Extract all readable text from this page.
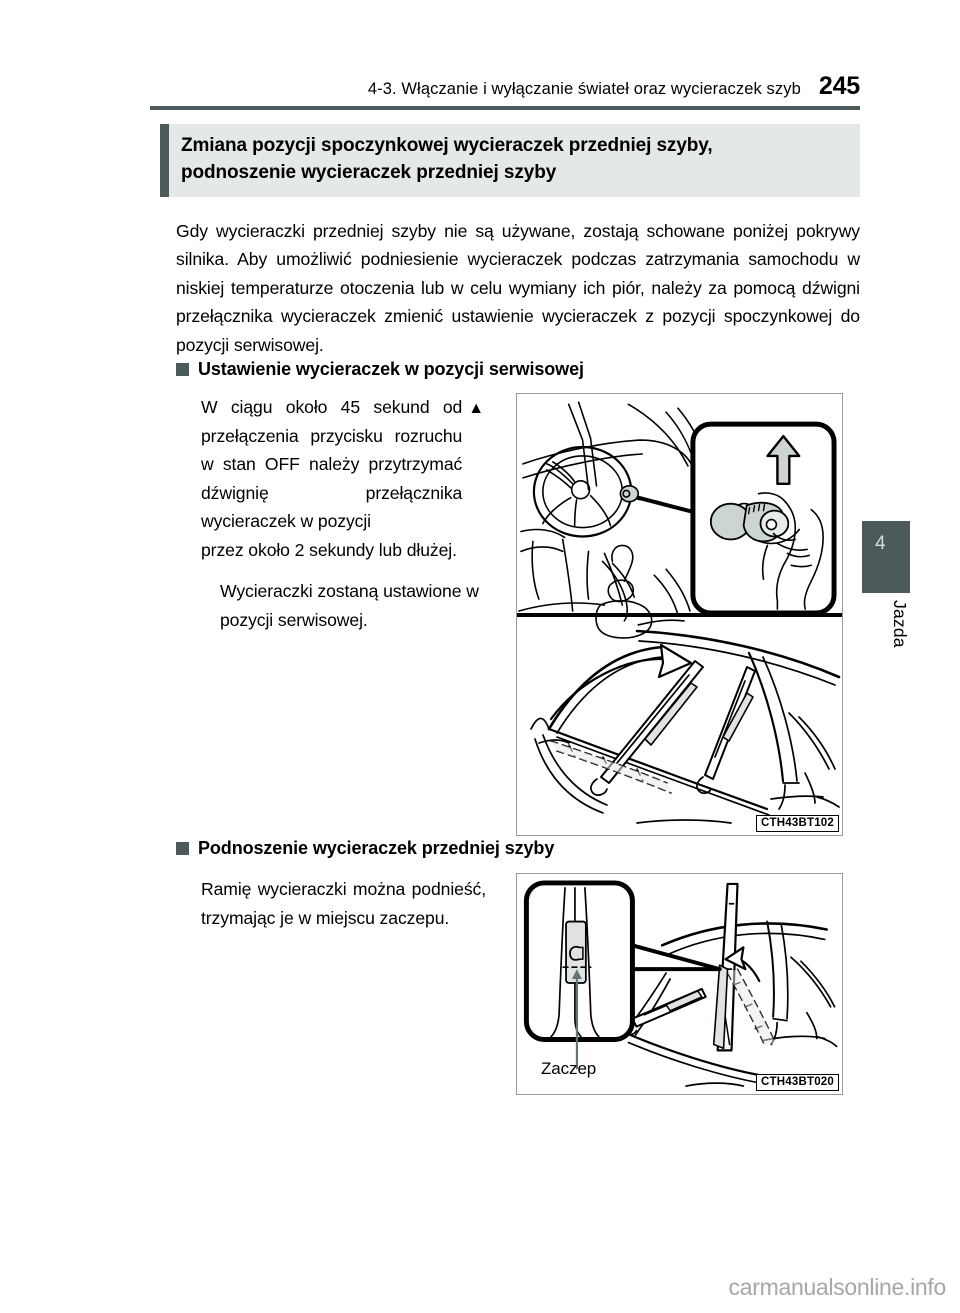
4-3. Włączanie i wyłączanie świateł oraz wycieraczek szyb 245
Zmiana pozycji spoczynkowej wycieraczek przedniej szyby,
podnoszenie wycieraczek przedniej szyby

Gdy wycieraczki przedniej szyby nie są używane, zostają schowane poniżej pokrywy silnika. Aby umożliwić podniesienie wycieraczek podczas zatrzymania samochodu w niskiej temperaturze otoczenia lub w celu wymiany ich piór, należy za pomocą dźwigni przełącznika wycieraczek zmienić ustawienie wycieraczek z pozycji spoczynkowej do pozycji serwisowej.

Ustawienie wycieraczek w pozycji serwisowej
W ciągu około 45 sekund od przełączenia przycisku rozruchu w stan OFF należy przytrzymać dźwignię przełącznika wycieraczek w pozycji
▲
przez około 2 sekundy lub dłużej.
Wycieraczki zostaną ustawione w pozycji serwisowej.
CTH43BT102
Podnoszenie wycieraczek przedniej szyby
Ramię wycieraczki można podnieść, trzymając je w miejscu zaczepu.
CTH43BT020
Zaczep
4
Jazda
carmanualsonline.info
